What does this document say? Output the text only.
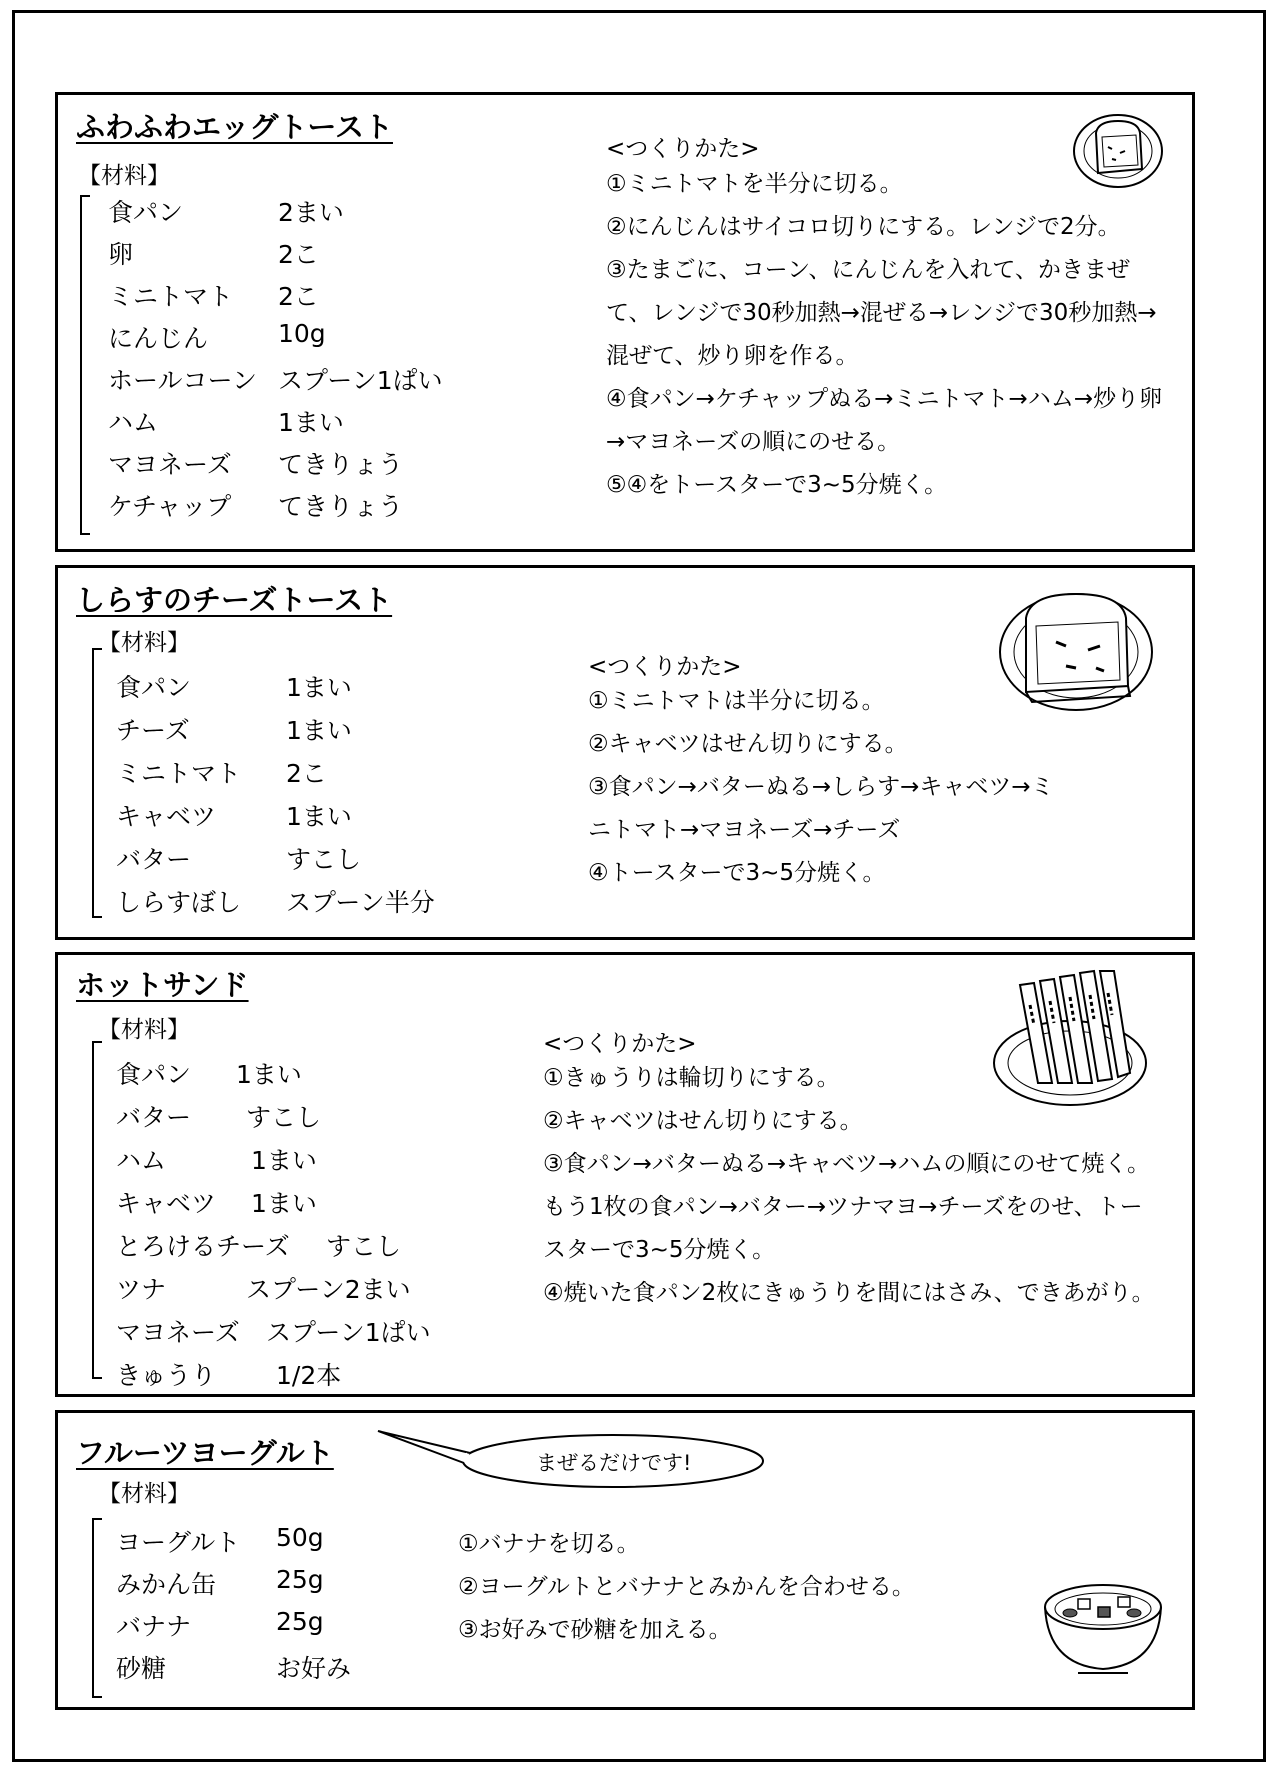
ふわふわエッグトースト
【材料】
食パン	2まい
卵	2こ
ミニトマト 2こ
にんじん	10g
ホールコーン スプーン1ぱい
ハム	1まい
マヨネーズ てきりょう
ケチャップ てきりょう
<つくりかた>
①ミニトマトを半分に切る。
②にんじんはサイコロ切りにする。レンジで2分。
③たまごに、コーン、にんじんを入れて、かきまぜて、レンジで30秒加熱→混ぜる→レンジで30秒加熱→混ぜて、炒り卵を作る。
④食パン→ケチャップぬる→ミニトマト→ハム→炒り卵→マヨネーズの順にのせる。
⑤④をトースターで3~5分焼く。
しらすのチーズトースト
【材料】
食パン	1まい
チーズ	1まい
ミニトマト 2こ
キャベツ	1まい
バター	すこし
しらすぼし スプーン半分
<つくりかた>
①ミニトマトは半分に切る。
②キャベツはせん切りにする。
③食パン→バターぬる→しらす→キャベツ→ミニトマト→マヨネーズ→チーズ
④トースターで3~5分焼く。
ホットサンド
【材料】
食パン 1まい
バター すこし
ハム	1まい
キャベツ 1まい
とろけるチーズ すこし
ツナ	スプーン2まい
マヨネーズ スプーン1ぱい
きゅうり 1/2本
<つくりかた>
①きゅうりは輪切りにする。
②キャベツはせん切りにする。
③食パン→バターぬる→キャベツ→ハムの順にのせて焼く。もう1枚の食パン→バター→ツナマヨ→チーズをのせ、トースターで3~5分焼く。
④焼いた食パン2枚にきゅうりを間にはさみ、できあがり。
フルーツヨーグルト
【材料】
ヨーグルト 50g
みかん缶 25g
バナナ	25g
砂糖	お好み
まぜるだけです!
①バナナを切る。
②ヨーグルトとバナナとみかんを合わせる。
③お好みで砂糖を加える。
